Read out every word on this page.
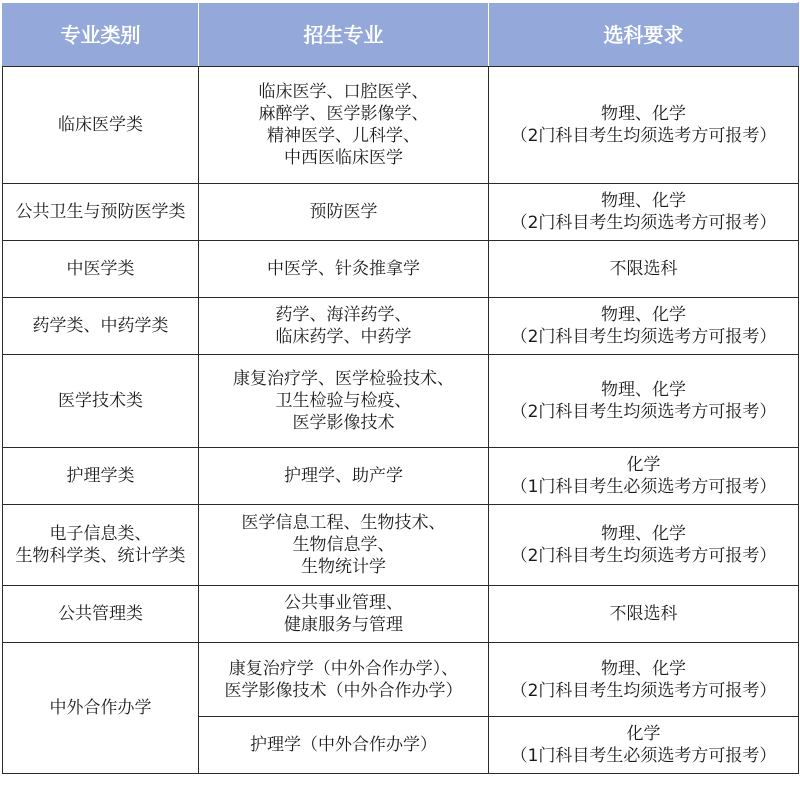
专业类别	招生专业	选科要求

临床医学类	临床医学、口腔医学、
麻醉学、医学影像学、
精神医学、儿科学、
中西医临床医学	物理、化学
（2门科目考生均须选考方可报考）

公共卫生与预防医学类	预防医学	物理、化学
（2门科目考生均须选考方可报考）

中医学类	中医学、针灸推拿学	不限选科

药学类、中药学类	药学、海洋药学、
临床药学、中药学	物理、化学
（2门科目考生均须选考方可报考）

医学技术类	康复治疗学、医学检验技术、
卫生检验与检疫、
医学影像技术	物理、化学
（2门科目考生均须选考方可报考）

护理学类	护理学、助产学	化学
（1门科目考生必须选考方可报考）

电子信息类、
生物科学类、统计学类	医学信息工程、生物技术、
生物信息学、
生物统计学	物理、化学
（2门科目考生均须选考方可报考）

公共管理类	公共事业管理、
健康服务与管理	不限选科

中外合作办学	康复治疗学（中外合作办学）、
医学影像技术（中外合作办学）	物理、化学
（2门科目考生均须选考方可报考）

	护理学（中外合作办学）	化学
（1门科目考生必须选考方可报考）
